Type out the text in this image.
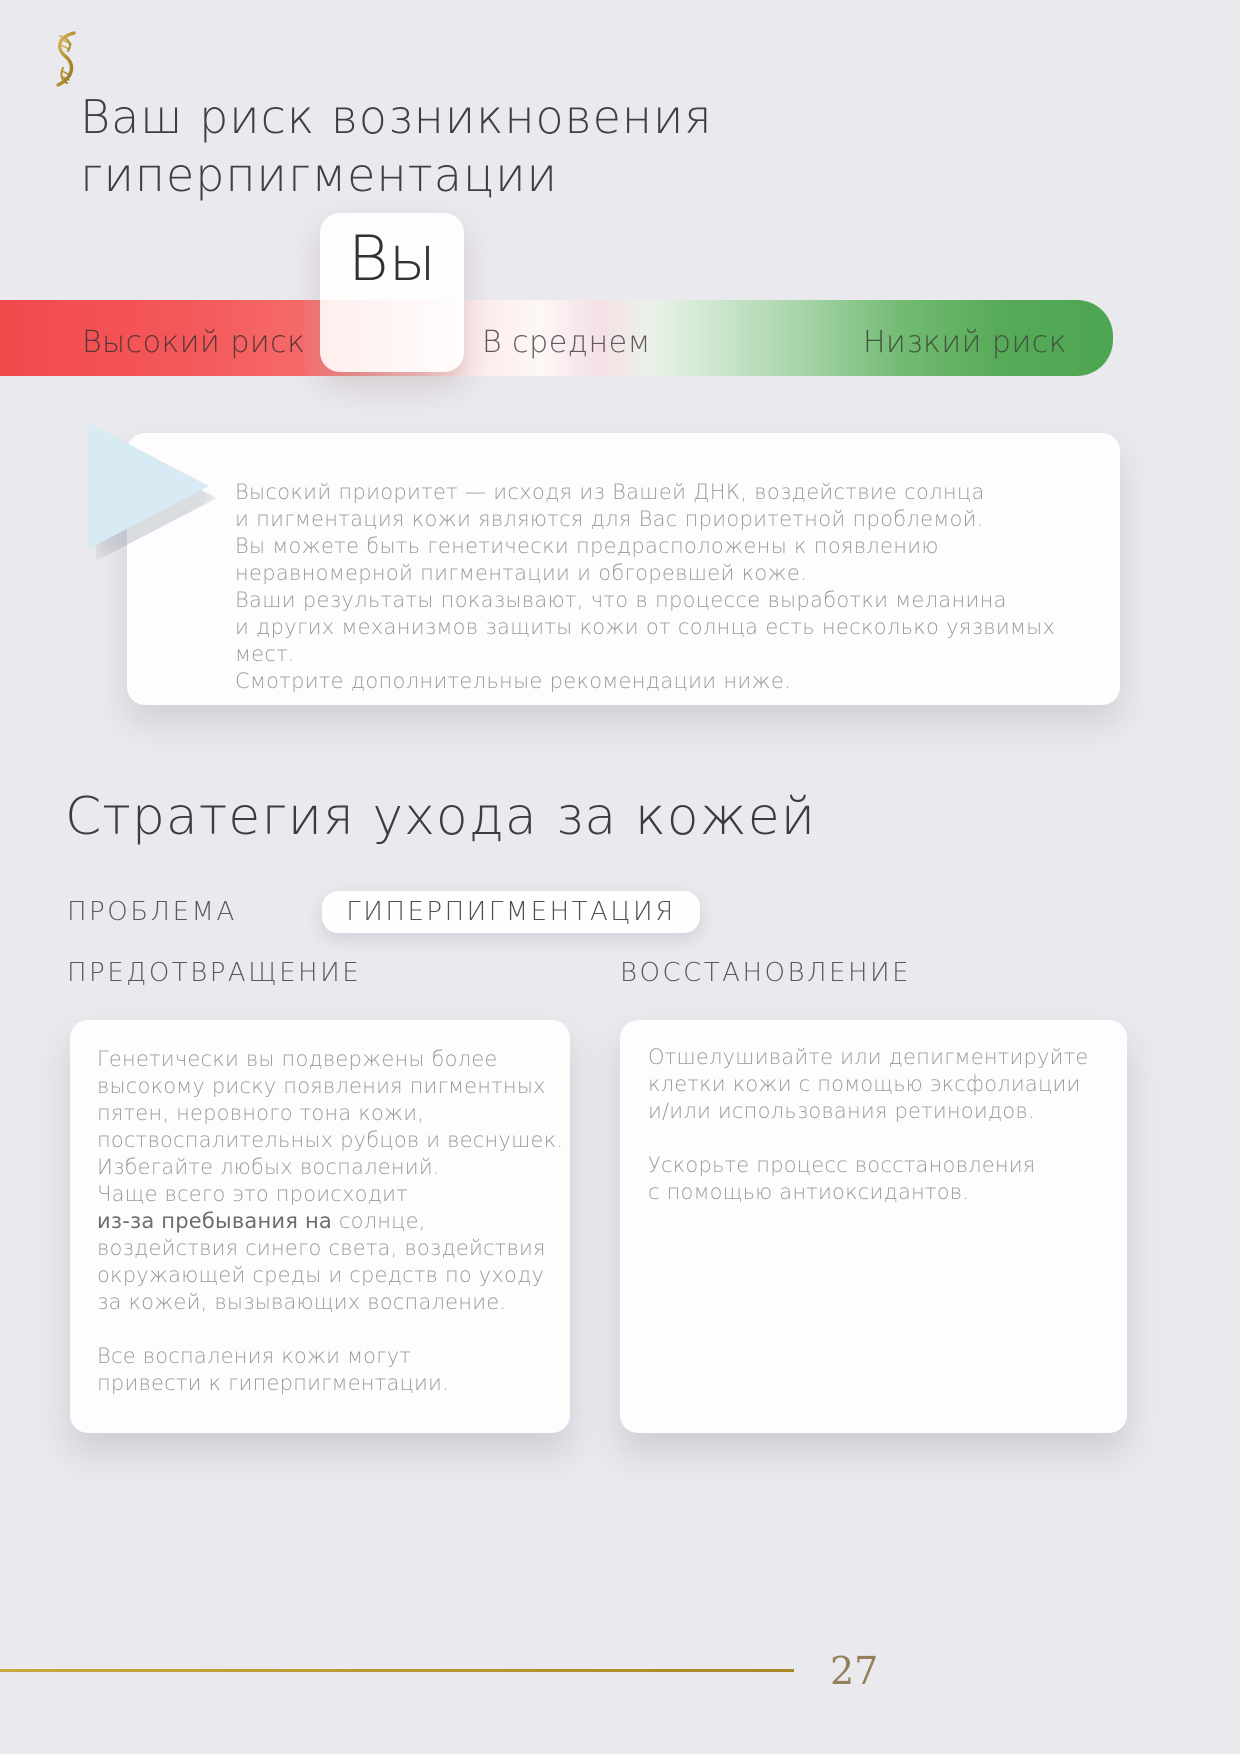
Ваш риск возникновения
гиперпигментации
Высокий риск	В среднем	Низкий риск
Вы
Высокий приоритет — исходя из Вашей ДНК, воздействие солнца
и пигментация кожи являются для Вас приоритетной проблемой.
Вы можете быть генетически предрасположены к появлению
неравномерной пигментации и обгоревшей коже.
Ваши результаты показывают, что в процессе выработки меланина
и других механизмов защиты кожи от солнца есть несколько уязвимых мест.
Смотрите дополнительные рекомендации ниже.
Стратегия ухода за кожей
ПРОБЛЕМА	ГИПЕРПИГМЕНТАЦИЯ
ПРЕДОТВРАЩЕНИЕ	ВОССТАНОВЛЕНИЕ
Генетически вы подвержены более
высокому риску появления пигментных
пятен, неровного тона кожи,
поствоспалительных рубцов и веснушек.
Избегайте любых воспалений.
Чаще всего это происходит
из-за пребывания на солнце,
воздействия синего света, воздействия
окружающей среды и средств по уходу
за кожей, вызывающих воспаление.
Все воспаления кожи могут
привести к гиперпигментации.
Отшелушивайте или депигментируйте
клетки кожи с помощью эксфолиации
и/или использования ретиноидов.
Ускорьте процесс восстановления
с помощью антиоксидантов.
27
